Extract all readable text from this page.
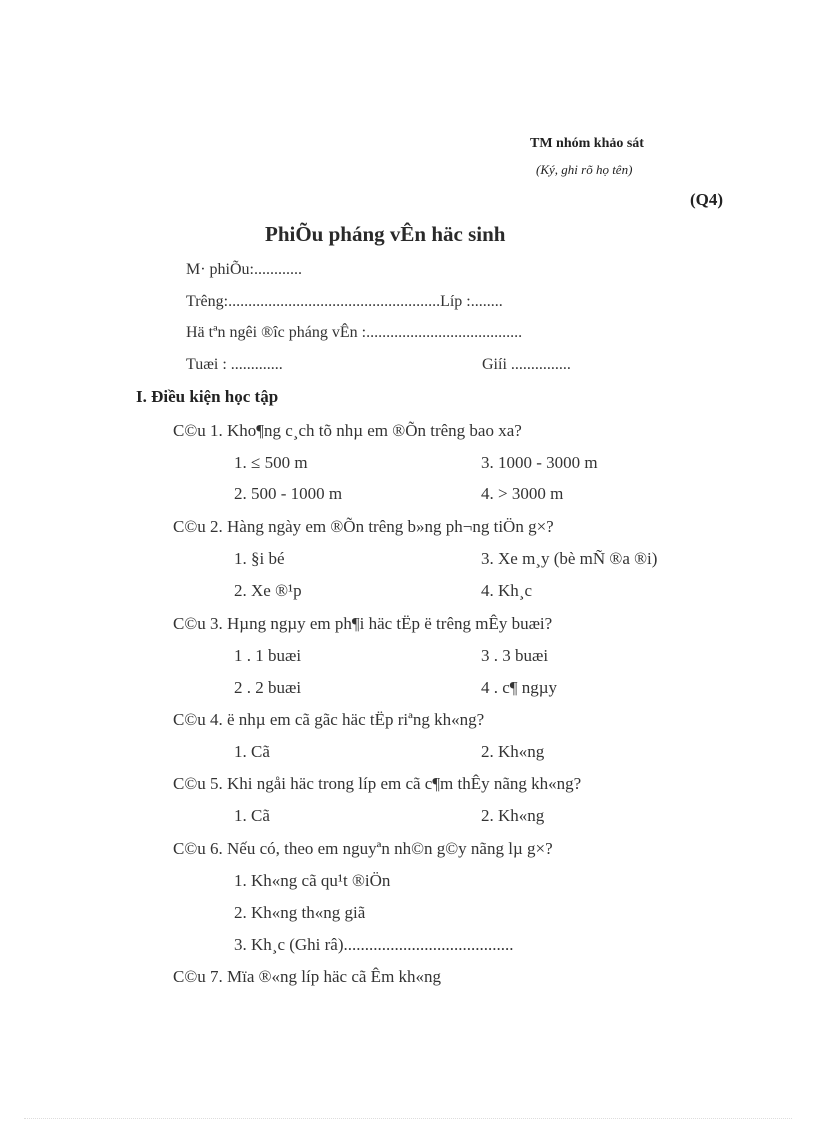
TM nhóm khảo sát
(Ký, ghi rõ họ tên)
(Q4)
PhiÕu pháng vÊn häc sinh
M· phiÕu:............
Trêng:.....................................................Líp :........
Hä tªn ngêi ®îc pháng vÊn :.......................................
Tuæi : .............	Giíi ...............
I. Điều kiện học tập
C©u 1. Kho¶ng c¸ch tõ nhµ em ®Õn trêng bao xa?
1. ≤ 500 m	3. 1000 - 3000 m
2. 500 - 1000 m	4. > 3000 m
C©u 2. Hàng ngày em ®Õn trêng b»ng ph¬ng tiÖn g×?
1. §i bé	3. Xe m¸y (bè mÑ ®a ®i)
2. Xe ®¹p	4. Kh¸c
C©u 3. Hµng ngµy em ph¶i häc tËp ë trêng mÊy buæi?
1 . 1 buæi	3 . 3 buæi
2 . 2 buæi	4 . c¶ ngµy
C©u 4. ë nhµ em cã gãc häc tËp riªng kh«ng?
1. Cã	2. Kh«ng
C©u 5. Khi ngåi häc trong líp em cã c¶m thÊy nãng kh«ng?
1. Cã	2. Kh«ng
C©u 6. Nếu có, theo em nguyªn nh©n g©y nãng lµ g×?
1. Kh«ng cã qu¹t ®iÖn
2. Kh«ng th«ng giã
3. Kh¸c (Ghi râ)........................................
C©u 7. Mïa ®«ng líp häc cã Êm kh«ng
